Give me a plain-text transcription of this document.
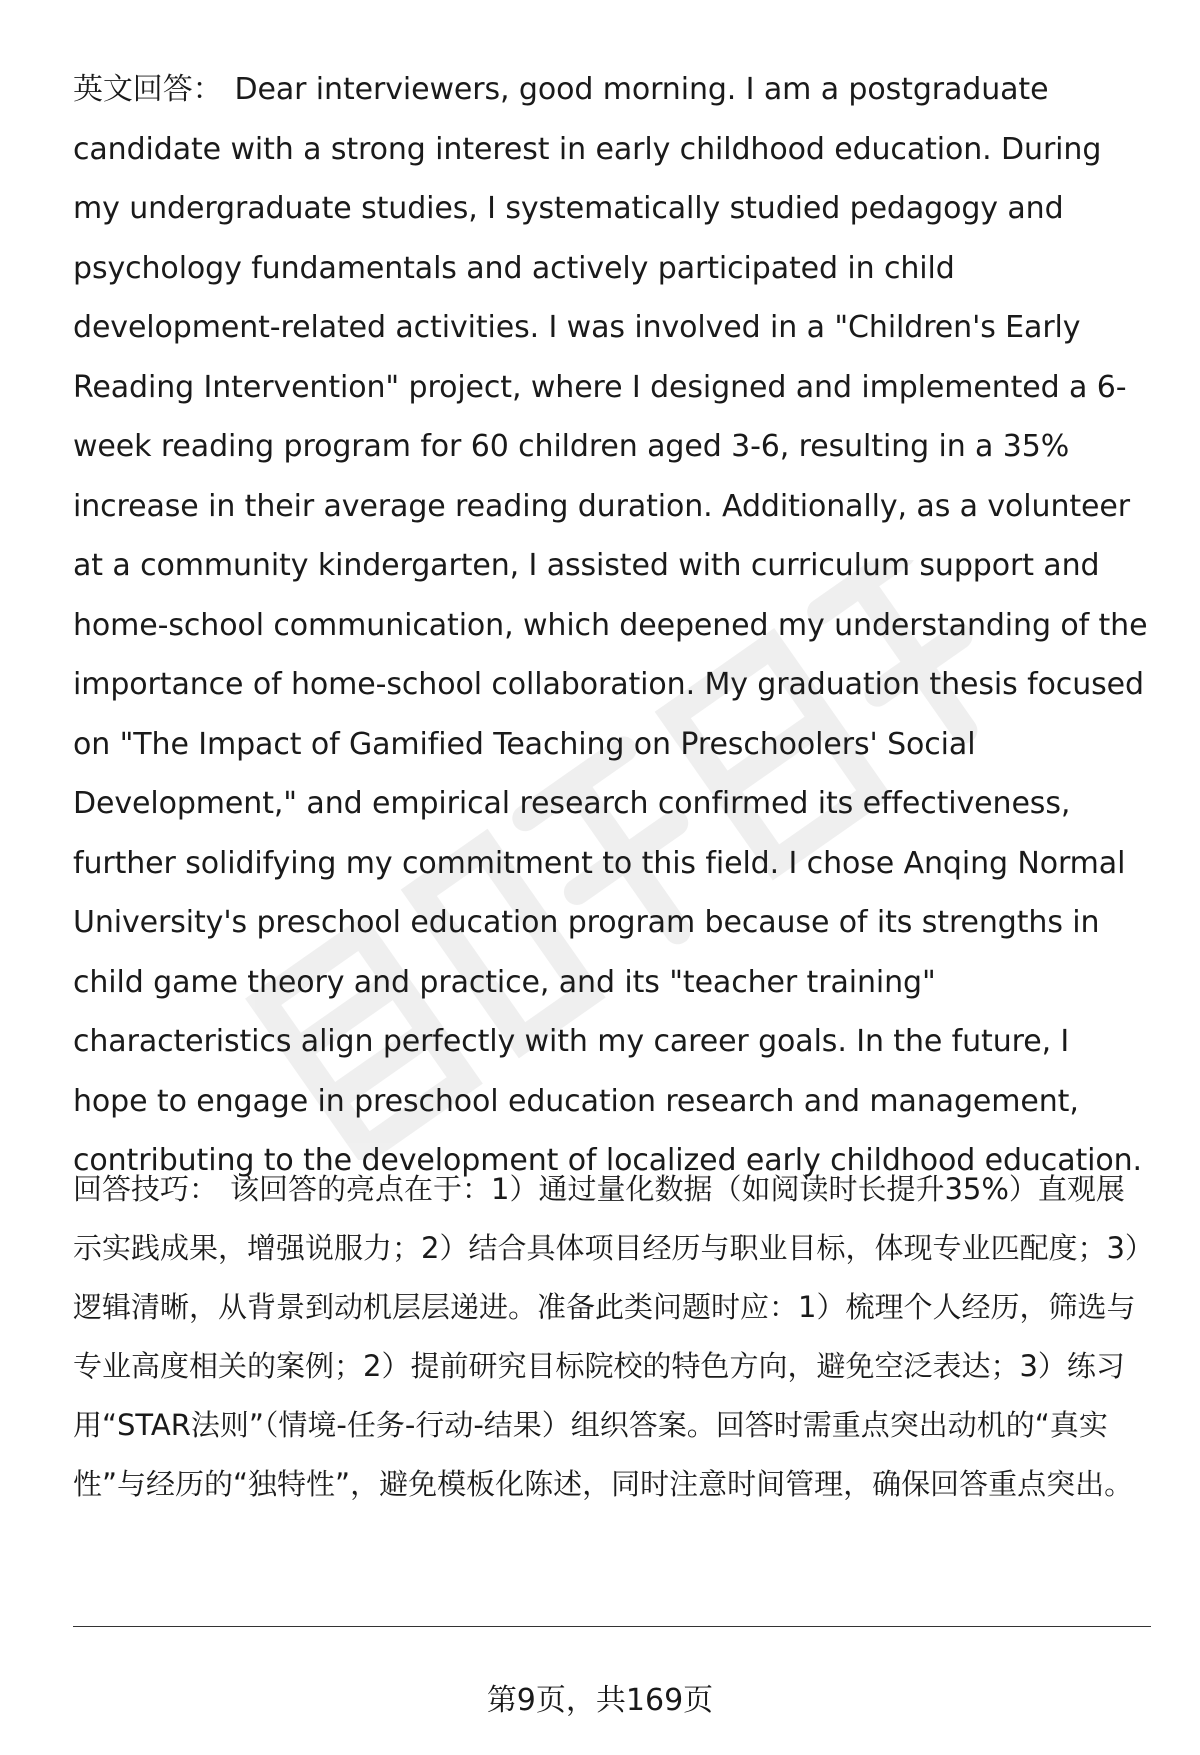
英文回答： Dear interviewers, good morning. I am a postgraduate candidate with a strong interest in early childhood education. During my undergraduate studies, I systematically studied pedagogy and psychology fundamentals and actively participated in child development-related activities. I was involved in a "Children's Early Reading Intervention" project, where I designed and implemented a 6-week reading program for 60 children aged 3-6, resulting in a 35% increase in their average reading duration. Additionally, as a volunteer at a community kindergarten, I assisted with curriculum support and home-school communication, which deepened my understanding of the importance of home-school collaboration. My graduation thesis focused on "The Impact of Gamified Teaching on Preschoolers' Social Development," and empirical research confirmed its effectiveness, further solidifying my commitment to this field. I chose Anqing Normal University's preschool education program because of its strengths in child game theory and practice, and its "teacher training" characteristics align perfectly with my career goals. In the future, I hope to engage in preschool education research and management, contributing to the development of localized early childhood education.
回答技巧： 该回答的亮点在于：1）通过量化数据（如阅读时长提升35%）直观展示实践成果，增强说服力；2）结合具体项目经历与职业目标，体现专业匹配度；3）逻辑清晰，从背景到动机层层递进。准备此类问题时应：1）梳理个人经历，筛选与专业高度相关的案例；2）提前研究目标院校的特色方向，避免空泛表达；3）练习用“STAR法则”（情境-任务-行动-结果）组织答案。回答时需重点突出动机的“真实性”与经历的“独特性”，避免模板化陈述，同时注意时间管理，确保回答重点突出。
第9页，共169页
